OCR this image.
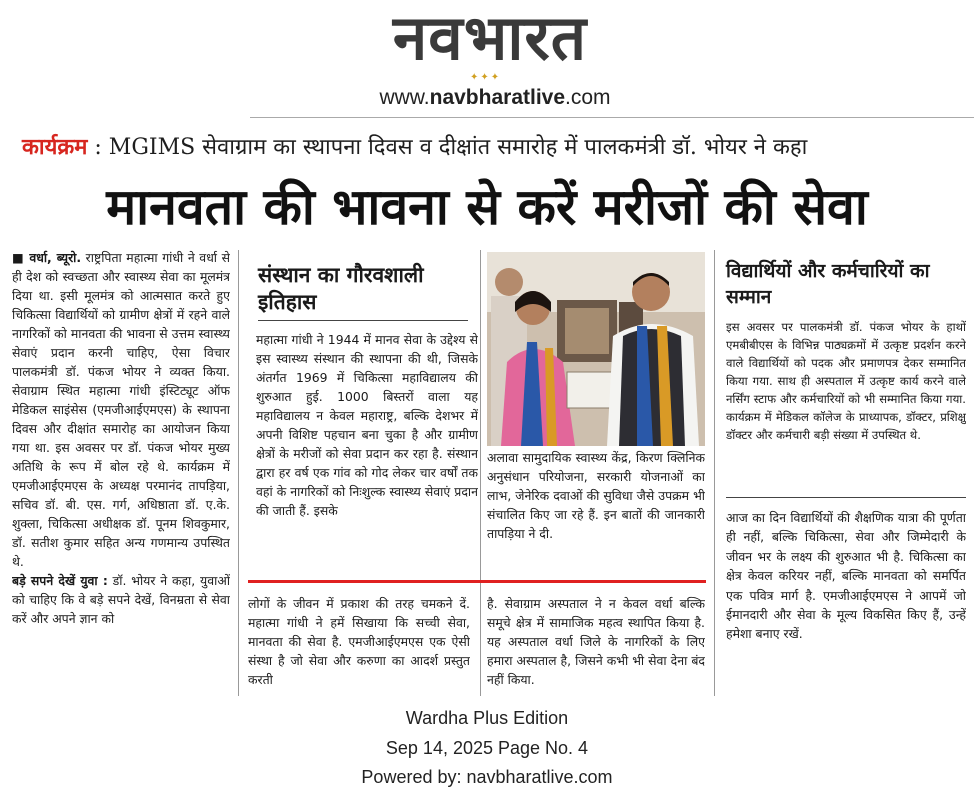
नवभारत
✦✦✦
www.navbharatlive.com
कार्यक्रम : MGIMS सेवाग्राम का स्थापना दिवस व दीक्षांत समारोह में पालकमंत्री डॉ. भोयर ने कहा
मानवता की भावना से करें मरीजों की सेवा

■ वर्धा, ब्यूरो. राष्ट्रपिता महात्मा गांधी ने वर्धा से ही देश को स्वच्छता और स्वास्थ्य सेवा का मूलमंत्र दिया था. इसी मूलमंत्र को आत्मसात करते हुए चिकित्सा विद्यार्थियों को ग्रामीण क्षेत्रों में रहने वाले नागरिकों को मानवता की भावना से उत्तम स्वास्थ्य सेवाएं प्रदान करनी चाहिए, ऐसा विचार पालकमंत्री डॉ. पंकज भोयर ने व्यक्त किया. सेवाग्राम स्थित महात्मा गांधी इंस्टिट्यूट ऑफ मेडिकल साइंसेस (एमजीआईएमएस) के स्थापना दिवस और दीक्षांत समारोह का आयोजन किया गया था. इस अवसर पर डॉ. पंकज भोयर मुख्य अतिथि के रूप में बोल रहे थे. कार्यक्रम में एमजीआईएमएस के अध्यक्ष परमानंद तापड़िया, सचिव डॉ. बी. एस. गर्ग, अधिष्ठाता डॉ. ए.के. शुक्ला, चिकित्सा अधीक्षक डॉ. पूनम शिवकुमार, डॉ. सतीश कुमार सहित अन्य गणमान्य उपस्थित थे.

बड़े सपने देखें युवा : डॉ. भोयर ने कहा, युवाओं को चाहिए कि वे बड़े सपने देखें, विनम्रता से सेवा करें और अपने ज्ञान को

संस्थान का गौरवशाली इतिहास

महात्मा गांधी ने 1944 में मानव सेवा के उद्देश्य से इस स्वास्थ्य संस्थान की स्थापना की थी, जिसके अंतर्गत 1969 में चिकित्सा महाविद्यालय की शुरुआत हुई. 1000 बिस्तरों वाला यह महाविद्यालय न केवल महाराष्ट्र, बल्कि देशभर में अपनी विशिष्ट पहचान बना चुका है और ग्रामीण क्षेत्रों के मरीजों को सेवा प्रदान कर रहा है. संस्थान द्वारा हर वर्ष एक गांव को गोद लेकर चार वर्षों तक वहां के नागरिकों को निःशुल्क स्वास्थ्य सेवाएं प्रदान की जाती हैं. इसके

अलावा सामुदायिक स्वास्थ्य केंद्र, किरण क्लिनिक अनुसंधान परियोजना, सरकारी योजनाओं का लाभ, जेनेरिक दवाओं की सुविधा जैसे उपक्रम भी संचालित किए जा रहे हैं. इन बातों की जानकारी तापड़िया ने दी.

लोगों के जीवन में प्रकाश की तरह चमकने दें. महात्मा गांधी ने हमें सिखाया कि सच्ची सेवा, मानवता की सेवा है. एमजीआईएमएस एक ऐसी संस्था है जो सेवा और करुणा का आदर्श प्रस्तुत करती

है. सेवाग्राम अस्पताल ने न केवल वर्धा बल्कि समूचे क्षेत्र में सामाजिक महत्व स्थापित किया है. यह अस्पताल वर्धा जिले के नागरिकों के लिए हमारा अस्पताल है, जिसने कभी भी सेवा देना बंद नहीं किया.

विद्यार्थियों और कर्मचारियों का सम्मान

इस अवसर पर पालकमंत्री डॉ. पंकज भोयर के हाथों एमबीबीएस के विभिन्न पाठ्यक्रमों में उत्कृष्ट प्रदर्शन करने वाले विद्यार्थियों को पदक और प्रमाणपत्र देकर सम्मानित किया गया. साथ ही अस्पताल में उत्कृष्ट कार्य करने वाले नर्सिंग स्टाफ और कर्मचारियों को भी सम्मानित किया गया. कार्यक्रम में मेडिकल कॉलेज के प्राध्यापक, डॉक्टर, प्रशिक्षु डॉक्टर और कर्मचारी बड़ी संख्या में उपस्थित थे.

आज का दिन विद्यार्थियों की शैक्षणिक यात्रा की पूर्णता ही नहीं, बल्कि चिकित्सा, सेवा और जिम्मेदारी के जीवन भर के लक्ष्य की शुरुआत भी है. चिकित्सा का क्षेत्र केवल करियर नहीं, बल्कि मानवता को समर्पित एक पवित्र मार्ग है. एमजीआईएमएस ने आपमें जो ईमानदारी और सेवा के मूल्य विकसित किए हैं, उन्हें हमेशा बनाए रखें.

Wardha Plus Edition
Sep 14, 2025 Page No. 4
Powered by: navbharatlive.com
